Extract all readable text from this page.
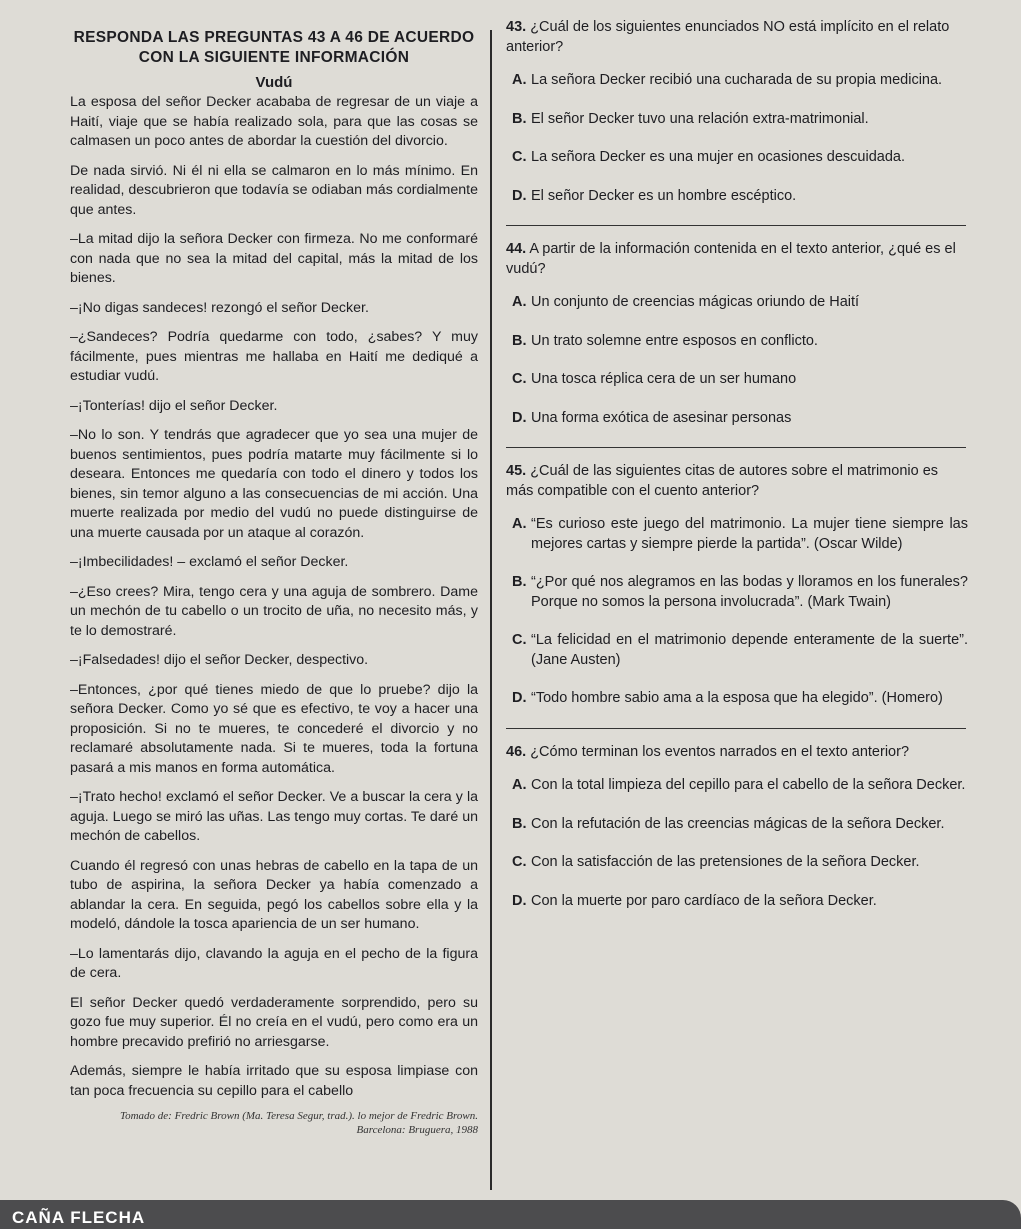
RESPONDA LAS PREGUNTAS 43 A 46 DE ACUERDO CON LA SIGUIENTE INFORMACIÓN

Vudú

La esposa del señor Decker acababa de regresar de un viaje a Haití, viaje que se había realizado sola, para que las cosas se calmasen un poco antes de abordar la cuestión del divorcio.

De nada sirvió. Ni él ni ella se calmaron en lo más mínimo. En realidad, descubrieron que todavía se odiaban más cordialmente que antes.

–La mitad dijo la señora Decker con firmeza. No me conformaré con nada que no sea la mitad del capital, más la mitad de los bienes.

–¡No digas sandeces! rezongó el señor Decker.

–¿Sandeces? Podría quedarme con todo, ¿sabes? Y muy fácilmente, pues mientras me hallaba en Haití me dediqué a estudiar vudú.

–¡Tonterías! dijo el señor Decker.

–No lo son. Y tendrás que agradecer que yo sea una mujer de buenos sentimientos, pues podría matarte muy fácilmente si lo deseara. Entonces me quedaría con todo el dinero y todos los bienes, sin temor alguno a las consecuencias de mi acción. Una muerte realizada por medio del vudú no puede distinguirse de una muerte causada por un ataque al corazón.

–¡Imbecilidades! – exclamó el señor Decker.

–¿Eso crees? Mira, tengo cera y una aguja de sombrero. Dame un mechón de tu cabello o un trocito de uña, no necesito más, y te lo demostraré.

–¡Falsedades! dijo el señor Decker, despectivo.

–Entonces, ¿por qué tienes miedo de que lo pruebe? dijo la señora Decker. Como yo sé que es efectivo, te voy a hacer una proposición. Si no te mueres, te concederé el divorcio y no reclamaré absolutamente nada. Si te mueres, toda la fortuna pasará a mis manos en forma automática.

–¡Trato hecho! exclamó el señor Decker. Ve a buscar la cera y la aguja. Luego se miró las uñas. Las tengo muy cortas. Te daré un mechón de cabellos.

Cuando él regresó con unas hebras de cabello en la tapa de un tubo de aspirina, la señora Decker ya había comenzado a ablandar la cera. En seguida, pegó los cabellos sobre ella y la modeló, dándole la tosca apariencia de un ser humano.

–Lo lamentarás dijo, clavando la aguja en el pecho de la figura de cera.

El señor Decker quedó verdaderamente sorprendido, pero su gozo fue muy superior. Él no creía en el vudú, pero como era un hombre precavido prefirió no arriesgarse.

Además, siempre le había irritado que su esposa limpiase con tan poca frecuencia su cepillo para el cabello

Tomado de: Fredric Brown (Ma. Teresa Segur, trad.). lo mejor de Fredric Brown. Barcelona: Bruguera, 1988

43. ¿Cuál de los siguientes enunciados NO está implícito en el relato anterior?

A. La señora Decker recibió una cucharada de su propia medicina.
B. El señor Decker tuvo una relación extra-matrimonial.
C. La señora Decker es una mujer en ocasiones descuidada.
D. El señor Decker es un hombre escéptico.

44. A partir de la información contenida en el texto anterior, ¿qué es el vudú?

A. Un conjunto de creencias mágicas oriundo de Haití
B. Un trato solemne entre esposos en conflicto.
C. Una tosca réplica cera de un ser humano
D. Una forma exótica de asesinar personas

45. ¿Cuál de las siguientes citas de autores sobre el matrimonio es más compatible con el cuento anterior?

A. “Es curioso este juego del matrimonio. La mujer tiene siempre las mejores cartas y siempre pierde la partida”. (Oscar Wilde)
B. “¿Por qué nos alegramos en las bodas y lloramos en los funerales? Porque no somos la persona involucrada”. (Mark Twain)
C. “La felicidad en el matrimonio depende enteramente de la suerte”. (Jane Austen)
D. “Todo hombre sabio ama a la esposa que ha elegido”. (Homero)

46. ¿Cómo terminan los eventos narrados en el texto anterior?

A. Con la total limpieza del cepillo para el cabello de la señora Decker.
B. Con la refutación de las creencias mágicas de la señora Decker.
C. Con la satisfacción de las pretensiones de la señora Decker.
D. Con la muerte por paro cardíaco de la señora Decker.
CAÑA FLECHA
